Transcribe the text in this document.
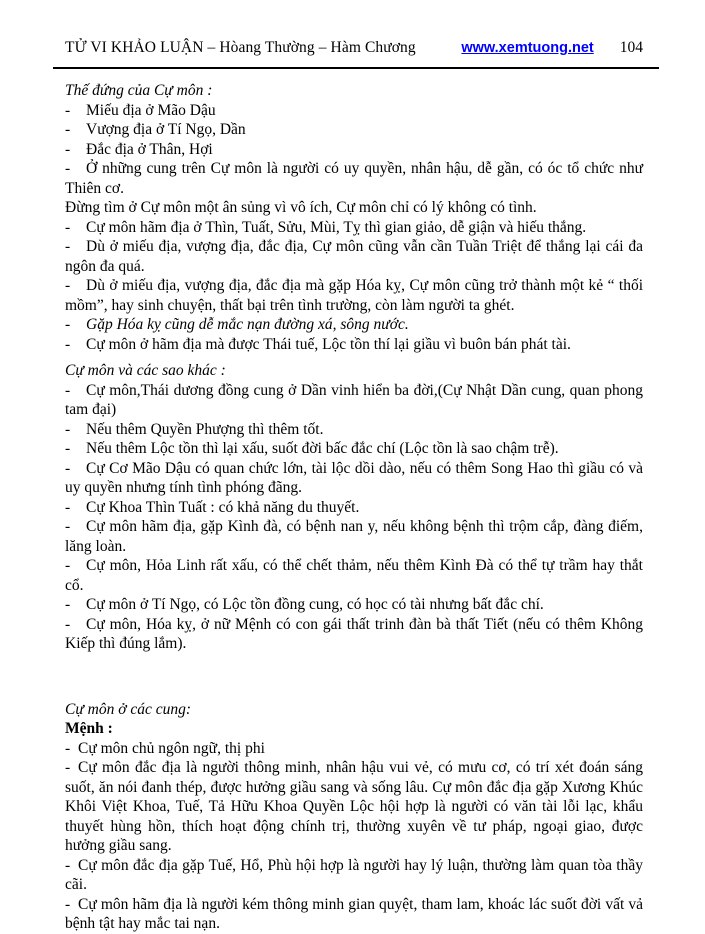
TỬ VI KHẢO LUẬN – Hòang Thường – Hàm Chương	www.xemtuong.net 104

Thế đứng của Cự môn :

- Miếu địa ở Mão Dậu

- Vượng địa ở Tí Ngọ, Dần

- Đắc địa ở Thân, Hợi

- Ở những cung trên Cự môn là người có uy quyền, nhân hậu, dễ gần, có óc tổ chức như Thiên cơ.

Đừng tìm ở Cự môn một ân sủng vì vô ích, Cự môn chỉ có lý không có tình.

- Cự môn hãm địa ở Thìn, Tuất, Sửu, Mùi, Tỵ thì gian giảo, dễ giận và hiếu thắng.

- Dù ở miếu địa, vượng địa, đắc địa, Cự môn cũng vẫn cần Tuần Triệt để thắng lại cái đa ngôn đa quá.

- Dù ở miếu địa, vượng địa, đắc địa mà gặp Hóa kỵ, Cự môn cũng trở thành một kẻ “ thối mồm”, hay sinh chuyện, thất bại trên tình trường, còn làm người ta ghét.

- Gặp Hóa kỵ cũng dễ mắc nạn đường xá, sông nước.

- Cự môn ở hãm địa mà được Thái tuế, Lộc tồn thí lại giầu vì buôn bán phát tài.

Cự môn và các sao khác :

- Cự môn,Thái dương đồng cung ở Dần vinh hiển ba đời,(Cự Nhật Dần cung, quan phong tam đại)

- Nếu thêm Quyền Phượng thì thêm tốt.

- Nếu thêm Lộc tồn thì lại xấu, suốt đời bấc đắc chí (Lộc tồn là sao chậm trễ).

- Cự Cơ Mão Dậu có quan chức lớn, tài lộc dồi dào, nếu có thêm Song Hao thì giầu có và uy quyền nhưng tính tình phóng đãng.

- Cự Khoa Thìn Tuất : có khả năng du thuyết.

- Cự môn hãm địa, gặp Kình đà, có bệnh nan y, nếu không bệnh thì trộm cắp, đàng điếm, lăng loàn.

- Cự môn, Hỏa Linh rất xấu, có thể chết thảm, nếu thêm Kình Đà có thể tự trầm hay thắt cổ.

- Cự môn ở Tí Ngọ, có Lộc tồn đồng cung, có học có tài nhưng bất đắc chí.

- Cự môn, Hóa kỵ, ở nữ Mệnh có con gái thất trinh đàn bà thất Tiết (nếu có thêm Không Kiếp thì đúng lắm).

Cự môn ở các cung:

Mệnh :

- Cự môn chủ ngôn ngữ, thị phi

- Cự môn đắc địa là người thông minh, nhân hậu vui vẻ, có mưu cơ, có trí xét đoán sáng suốt, ăn nói đanh thép, được hưởng giầu sang và sống lâu. Cự môn đắc địa gặp Xương Khúc Khôi Việt Khoa, Tuế, Tả Hữu Khoa Quyền Lộc hội hợp là người có văn tài lỗi lạc, khẩu thuyết hùng hồn, thích hoạt động chính trị, thường xuyên về tư pháp, ngoại giao, được hưởng giầu sang.

- Cự môn đắc địa gặp Tuế, Hổ, Phù hội hợp là người hay lý luận, thường làm quan tòa thầy cãi.

- Cự môn hãm địa là người kém thông minh gian quyệt, tham lam, khoác lác suốt đời vất vả bệnh tật hay mắc tai nạn.
